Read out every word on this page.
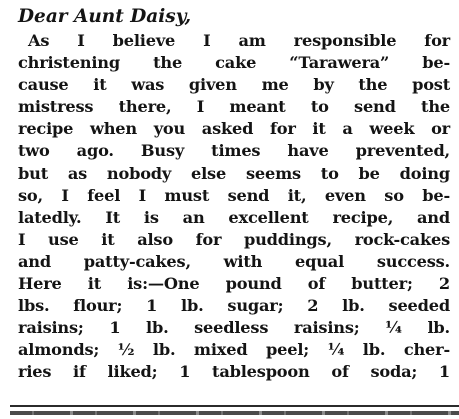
Dear Aunt Daisy,

As I believe I am responsible for

christening the cake “Tarawera” be-

cause it was given me by the post

mistress there, I meant to send the

recipe when you asked for it a week or

two ago. Busy times have prevented,

but as nobody else seems to be doing

so, I feel I must send it, even so be-

latedly. It is an excellent recipe, and

I use it also for puddings, rock-cakes

and patty-cakes, with equal success.

Here it is:—One pound of butter; 2

lbs. flour; 1 lb. sugar; 2 lb. seeded

raisins; 1 lb. seedless raisins; ¼ lb.

almonds; ½ lb. mixed peel; ¼ lb. cher-

ries if liked; 1 tablespoon of soda; 1
